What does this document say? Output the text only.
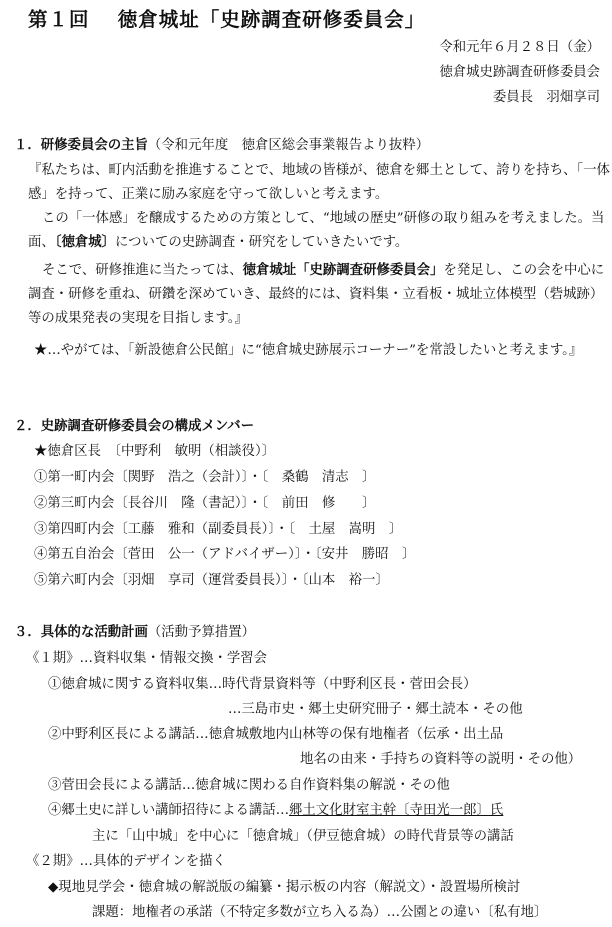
第１回　 徳倉城址「史跡調査研修委員会」
令和元年６月２８日（金）
徳倉城史跡調査研修委員会
委員長　羽畑享司
１．研修委員会の主旨（令和元年度　徳倉区総会事業報告より抜粋）
『私たちは、町内活動を推進することで、地域の皆様が、徳倉を郷土として、誇りを持ち、「一体感」を持って、正業に励み家庭を守って欲しいと考えます。
この「一体感」を醸成するための方策として、“地域の歴史”研修の取り組みを考えました。当面、〔徳倉城〕についての史跡調査・研究をしていきたいです。
そこで、研修推進に当たっては、徳倉城址「史跡調査研修委員会」を発足し、この会を中心に調査・研修を重ね、研鑽を深めていき、最終的には、資料集・立看板・城址立体模型（砦城跡）等の成果発表の実現を目指します。』
★…やがては、「新設徳倉公民館」に“徳倉城史跡展示コーナー”を常設したいと考えます。』
２．史跡調査研修委員会の構成メンバー
★徳倉区長　〔中野利　敏明（相談役）〕
①第一町内会〔関野　浩之（会計）〕・〔　桑鶴　清志　〕
②第三町内会〔長谷川　隆（書記）〕・〔　前田　修　　〕
③第四町内会〔工藤　雅和（副委員長）〕・〔　土屋　嵩明　〕
④第五自治会〔菅田　公一（アドバイザー）〕・〔安井　勝昭　〕
⑤第六町内会〔羽畑　享司（運営委員長）〕・〔山本　裕一〕
３．具体的な活動計画（活動予算措置）
《１期》…資料収集・情報交換・学習会
①徳倉城に関する資料収集…時代背景資料等（中野利区長・菅田会長）
…三島市史・郷土史研究冊子・郷土読本・その他
②中野利区長による講話…徳倉城敷地内山林等の保有地権者（伝承・出土品
地名の由来・手持ちの資料等の説明・その他）
③菅田会長による講話…徳倉城に関わる自作資料集の解説・その他
④郷土史に詳しい講師招待による講話…郷土文化財室主幹〔寺田光一郎〕氏
主に「山中城」を中心に「徳倉城」（伊豆徳倉城）の時代背景等の講話
《２期》…具体的デザインを描く
◆現地見学会・徳倉城の解説版の編纂・掲示板の内容（解説文）・設置場所検討
課題：地権者の承諾（不特定多数が立ち入る為）…公園との違い〔私有地〕
